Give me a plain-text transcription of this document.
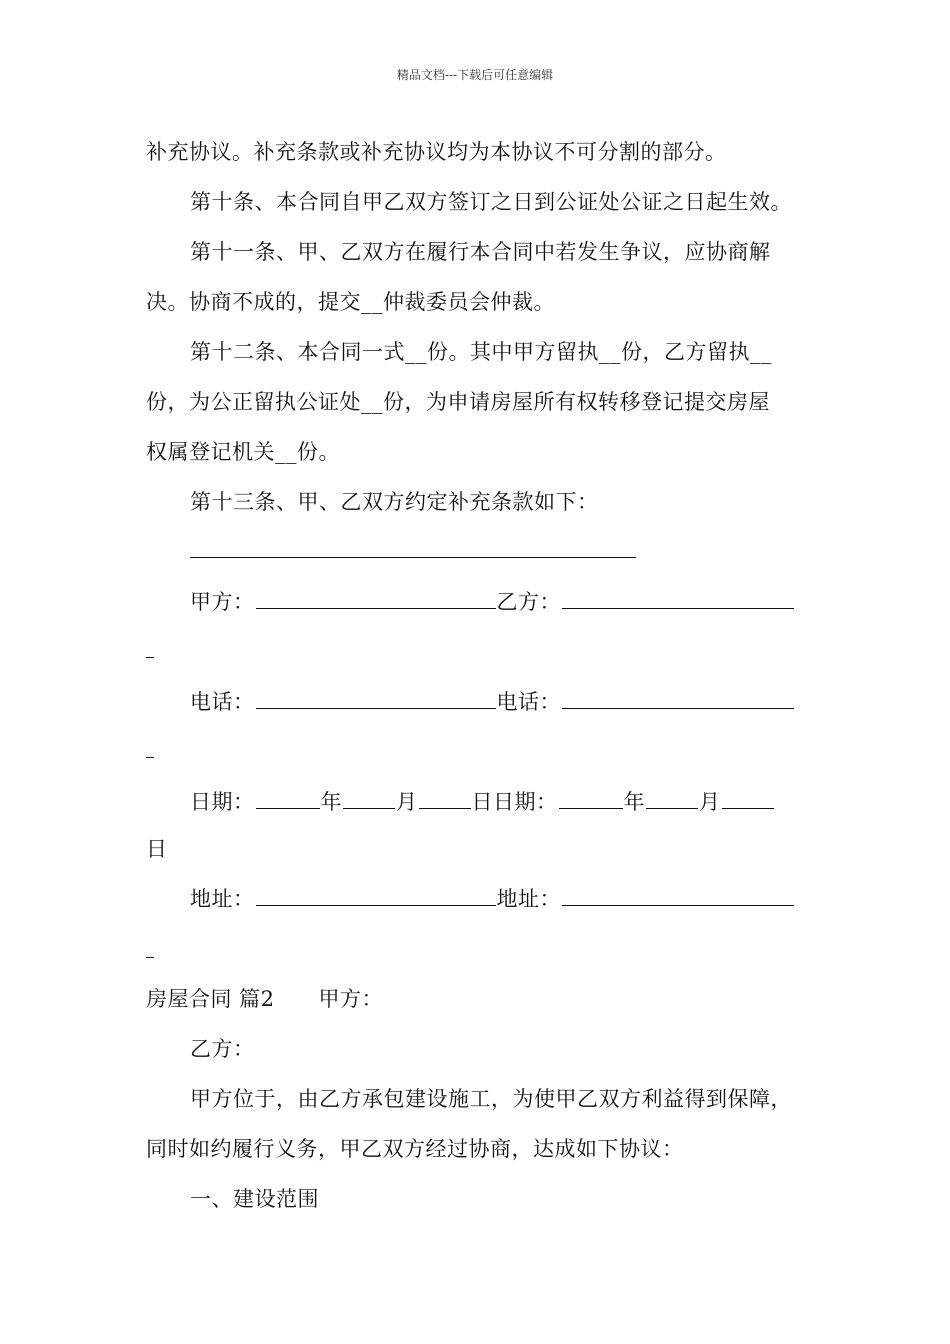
精品文档---下载后可任意编辑
补充协议。补充条款或补充协议均为本协议不可分割的部分。
第十条、本合同自甲乙双方签订之日到公证处公证之日起生效。
第十一条、甲、乙双方在履行本合同中若发生争议，应协商解
决。协商不成的，提交__仲裁委员会仲裁。
第十二条、本合同一式__份。其中甲方留执__份，乙方留执__
份，为公正留执公证处__份，为申请房屋所有权转移登记提交房屋
权属登记机关__份。
第十三条、甲、乙双方约定补充条款如下：
甲方：	乙方：
电话：	电话：
日期：	年	月	日日期：	年	月
日
地址：	地址：
房屋合同 篇2 甲方：
乙方：
甲方位于，由乙方承包建设施工，为使甲乙双方利益得到保障，
同时如约履行义务，甲乙双方经过协商，达成如下协议：
一、建设范围
